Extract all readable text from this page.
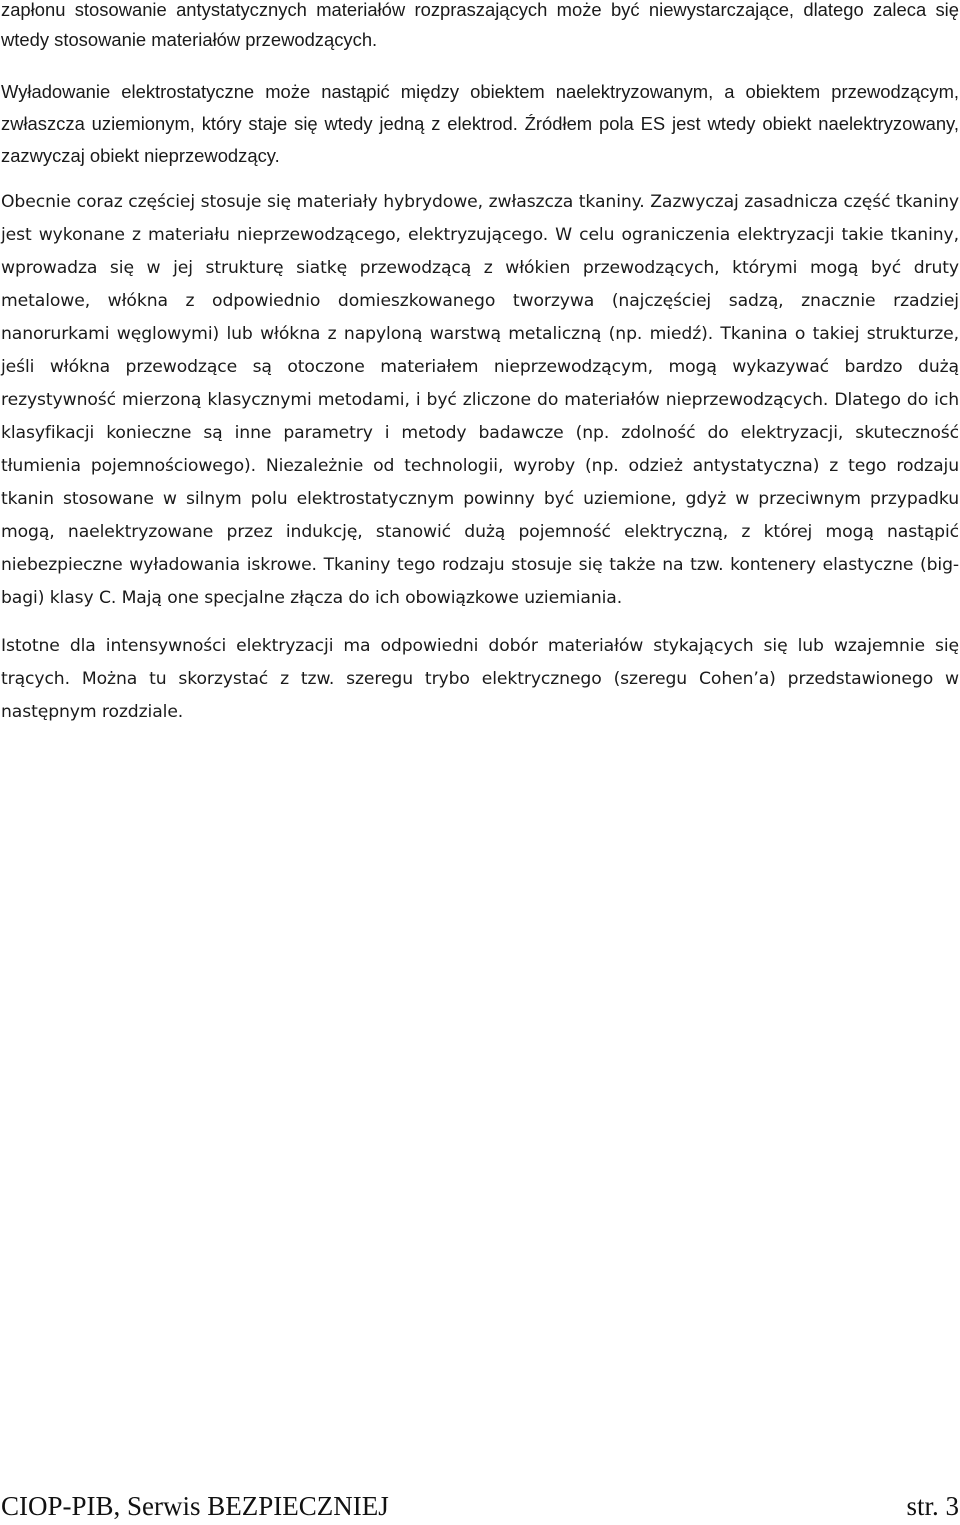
zapłonu stosowanie antystatycznych materiałów rozpraszających może być niewystarczające, dlatego zaleca się wtedy stosowanie materiałów przewodzących.

Wyładowanie elektrostatyczne może nastąpić między obiektem naelektryzowanym, a obiektem przewodzącym, zwłaszcza uziemionym, który staje się wtedy jedną z elektrod. Źródłem pola ES jest wtedy obiekt naelektryzowany, zazwyczaj obiekt nieprzewodzący.

Obecnie coraz częściej stosuje się materiały hybrydowe, zwłaszcza tkaniny. Zazwyczaj zasadnicza część tkaniny jest wykonane z materiału nieprzewodzącego, elektryzującego. W celu ograniczenia elektryzacji takie tkaniny, wprowadza się w jej strukturę siatkę przewodzącą z włókien przewodzących, którymi mogą być druty metalowe, włókna z odpowiednio domieszkowanego tworzywa (najczęściej sadzą, znacznie rzadziej nanorurkami węglowymi) lub włókna z napyloną warstwą metaliczną (np. miedź). Tkanina o takiej strukturze, jeśli włókna przewodzące są otoczone materiałem nieprzewodzącym, mogą wykazywać bardzo dużą rezystywność mierzoną klasycznymi metodami, i być zliczone do materiałów nieprzewodzących. Dlatego do ich klasyfikacji konieczne są inne parametry i metody badawcze (np. zdolność do elektryzacji, skuteczność tłumienia pojemnościowego). Niezależnie od technologii, wyroby (np. odzież antystatyczna) z tego rodzaju tkanin stosowane w silnym polu elektrostatycznym powinny być uziemione, gdyż w przeciwnym przypadku mogą, naelektryzowane przez indukcję, stanowić dużą pojemność elektryczną, z której mogą nastąpić niebezpieczne wyładowania iskrowe. Tkaniny tego rodzaju stosuje się także na tzw. kontenery elastyczne (big-bagi) klasy C. Mają one specjalne złącza do ich obowiązkowe uziemiania.

Istotne dla intensywności elektryzacji ma odpowiedni dobór materiałów stykających się lub wzajemnie się trących. Można tu skorzystać z tzw. szeregu trybo elektrycznego (szeregu Cohen’a) przedstawionego w następnym rozdziale.

CIOP-PIB, Serwis BEZPIECZNIEJ	str. 3
